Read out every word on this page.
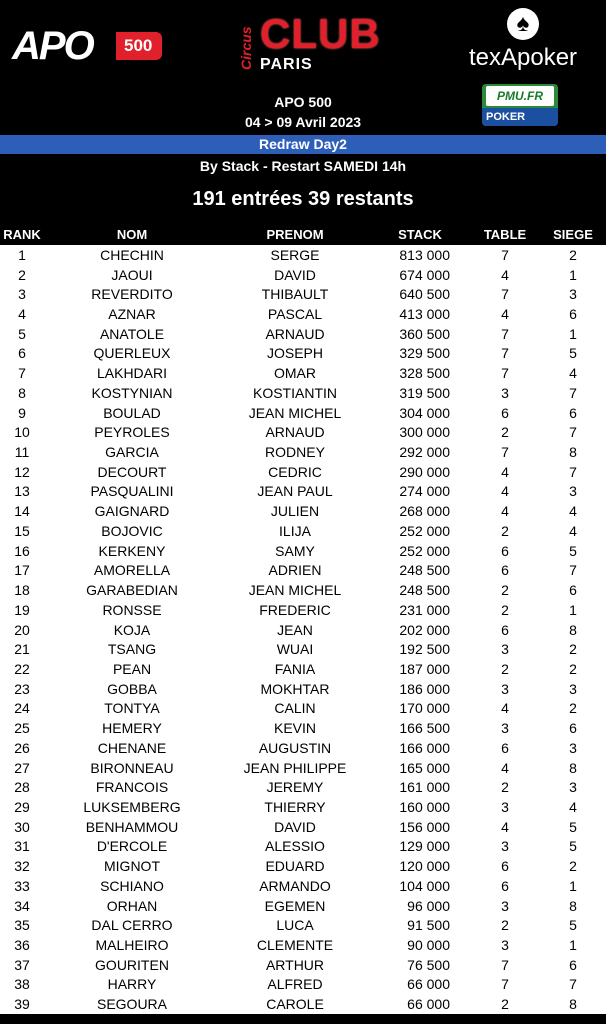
APO	500	Circus CLUB
PARIS
♠
texApoker
PMU.FR
POKER
APO 500
04 > 09 Avril 2023
Redraw Day2
By Stack - Restart SAMEDI 14h
191 entrées 39 restants
RANK	NOM	PRENOM	STACK	TABLE	SIEGE
1	CHECHIN	SERGE	813 000	7	2
2	JAOUI	DAVID	674 000	4	1
3	REVERDITO	THIBAULT	640 500	7	3
4	AZNAR	PASCAL	413 000	4	6
5	ANATOLE	ARNAUD	360 500	7	1
6	QUERLEUX	JOSEPH	329 500	7	5
7	LAKHDARI	OMAR	328 500	7	4
8	KOSTYNIAN	KOSTIANTIN	319 500	3	7
9	BOULAD	JEAN MICHEL	304 000	6	6
10	PEYROLES	ARNAUD	300 000	2	7
11	GARCIA	RODNEY	292 000	7	8
12	DECOURT	CEDRIC	290 000	4	7
13	PASQUALINI	JEAN PAUL	274 000	4	3
14	GAIGNARD	JULIEN	268 000	4	4
15	BOJOVIC	ILIJA	252 000	2	4
16	KERKENY	SAMY	252 000	6	5
17	AMORELLA	ADRIEN	248 500	6	7
18	GARABEDIAN	JEAN MICHEL	248 500	2	6
19	RONSSE	FREDERIC	231 000	2	1
20	KOJA	JEAN	202 000	6	8
21	TSANG	WUAI	192 500	3	2
22	PEAN	FANIA	187 000	2	2
23	GOBBA	MOKHTAR	186 000	3	3
24	TONTYA	CALIN	170 000	4	2
25	HEMERY	KEVIN	166 500	3	6
26	CHENANE	AUGUSTIN	166 000	6	3
27	BIRONNEAU	JEAN PHILIPPE	165 000	4	8
28	FRANCOIS	JEREMY	161 000	2	3
29	LUKSEMBERG	THIERRY	160 000	3	4
30	BENHAMMOU	DAVID	156 000	4	5
31	D'ERCOLE	ALESSIO	129 000	3	5
32	MIGNOT	EDUARD	120 000	6	2
33	SCHIANO	ARMANDO	104 000	6	1
34	ORHAN	EGEMEN	96 000	3	8
35	DAL CERRO	LUCA	91 500	2	5
36	MALHEIRO	CLEMENTE	90 000	3	1
37	GOURITEN	ARTHUR	76 500	7	6
38	HARRY	ALFRED	66 000	7	7
39	SEGOURA	CAROLE	66 000	2	8
